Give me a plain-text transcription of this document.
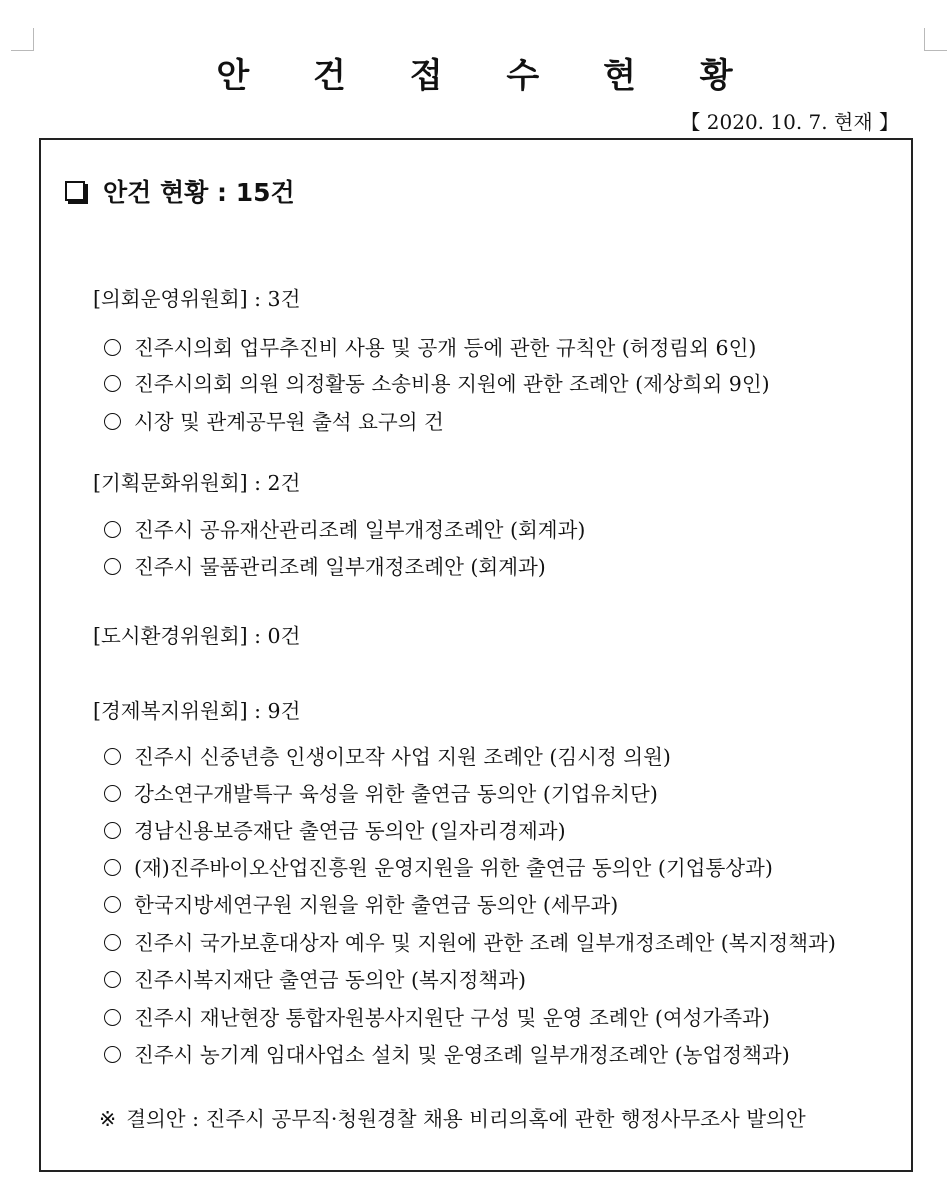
안 건 접 수 현 황
【 2020. 10. 7. 현재 】
안건 현황 : 15건
[의회운영위원회] : 3건
진주시의회 업무추진비 사용 및 공개 등에 관한 규칙안 (허정림외 6인)
진주시의회 의원 의정활동 소송비용 지원에 관한 조례안 (제상희외 9인)
시장 및 관계공무원 출석 요구의 건
[기획문화위원회] : 2건
진주시 공유재산관리조례 일부개정조례안 (회계과)
진주시 물품관리조례 일부개정조례안 (회계과)
[도시환경위원회] : 0건
[경제복지위원회] : 9건
진주시 신중년층 인생이모작 사업 지원 조례안 (김시정 의원)
강소연구개발특구 육성을 위한 출연금 동의안 (기업유치단)
경남신용보증재단 출연금 동의안 (일자리경제과)
(재)진주바이오산업진흥원 운영지원을 위한 출연금 동의안 (기업통상과)
한국지방세연구원 지원을 위한 출연금 동의안 (세무과)
진주시 국가보훈대상자 예우 및 지원에 관한 조례 일부개정조례안 (복지정책과)
진주시복지재단 출연금 동의안 (복지정책과)
진주시 재난현장 통합자원봉사지원단 구성 및 운영 조례안 (여성가족과)
진주시 농기계 임대사업소 설치 및 운영조례 일부개정조례안 (농업정책과)
※ 결의안 : 진주시 공무직·청원경찰 채용 비리의혹에 관한 행정사무조사 발의안
